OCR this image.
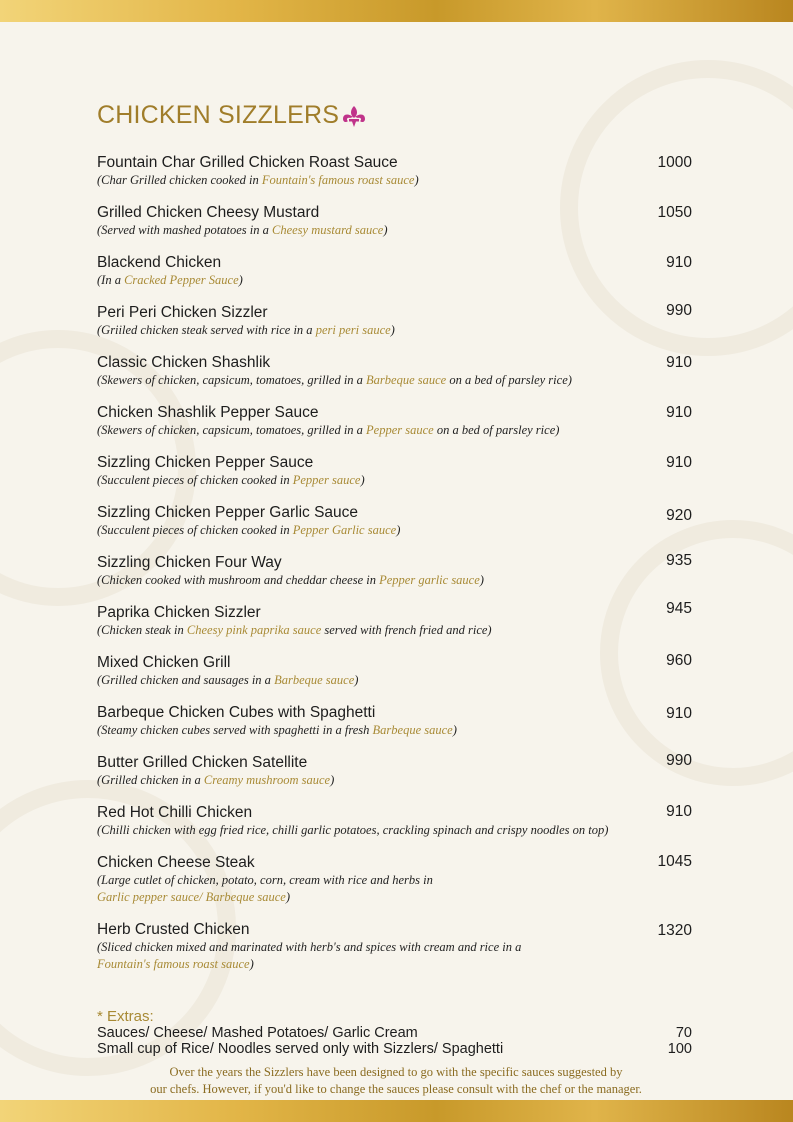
CHICKEN SIZZLERS
Fountain Char Grilled Chicken Roast Sauce
(Char Grilled chicken cooked in Fountain's famous roast sauce)
1000
Grilled Chicken Cheesy Mustard
(Served with mashed potatoes in a Cheesy mustard sauce)
1050
Blackend Chicken
(In a Cracked Pepper Sauce)
910
Peri Peri Chicken Sizzler
(Griiled chicken steak served with rice in a peri peri sauce)
990
Classic Chicken Shashlik
(Skewers of chicken, capsicum, tomatoes, grilled in a Barbeque sauce on a bed of parsley rice)
910
Chicken Shashlik Pepper Sauce
(Skewers of chicken, capsicum, tomatoes, grilled in a Pepper sauce on a bed of parsley rice)
910
Sizzling Chicken Pepper Sauce
(Succulent pieces of chicken cooked in Pepper sauce)
910
Sizzling Chicken Pepper Garlic Sauce
(Succulent pieces of chicken cooked in Pepper Garlic sauce)
920
Sizzling Chicken Four Way
(Chicken cooked with mushroom and cheddar cheese in Pepper garlic sauce)
935
Paprika Chicken Sizzler
(Chicken steak in Cheesy pink paprika sauce served with french fried and rice)
945
Mixed Chicken Grill
(Grilled chicken and sausages in a Barbeque sauce)
960
Barbeque Chicken Cubes with Spaghetti
(Steamy chicken cubes served with spaghetti in a fresh Barbeque sauce)
910
Butter Grilled Chicken Satellite
(Grilled chicken in a Creamy mushroom sauce)
990
Red Hot Chilli Chicken
(Chilli chicken with egg fried rice, chilli garlic potatoes, crackling spinach and crispy noodles on top)
910
Chicken Cheese Steak
(Large cutlet of chicken, potato, corn, cream with rice and herbs in
Garlic pepper sauce/ Barbeque sauce)
1045
Herb Crusted Chicken
(Sliced chicken mixed and marinated with herb's and spices with cream and rice in a
Fountain's famous roast sauce)
1320
* Extras:
Sauces/ Cheese/ Mashed Potatoes/ Garlic Cream	70
Small cup of Rice/ Noodles served only with Sizzlers/ Spaghetti	100
Over the years the Sizzlers have been designed to go with the specific sauces suggested by
our chefs. However, if you'd like to change the sauces please consult with the chef or the manager.
